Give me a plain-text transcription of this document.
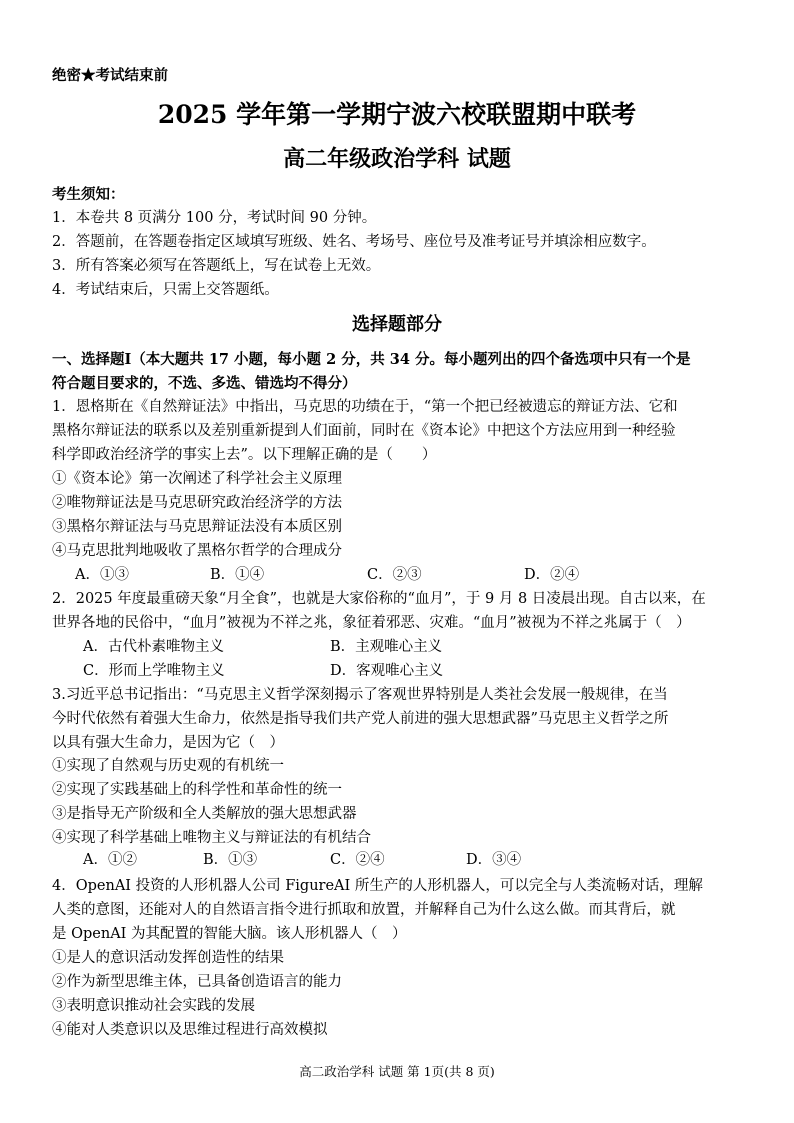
绝密★考试结束前
2025 学年第一学期宁波六校联盟期中联考
高二年级政治学科 试题
考生须知：
1．本卷共 8 页满分 100 分，考试时间 90 分钟。
2．答题前，在答题卷指定区域填写班级、姓名、考场号、座位号及准考证号并填涂相应数字。
3．所有答案必须写在答题纸上，写在试卷上无效。
4．考试结束后，只需上交答题纸。
选择题部分
一、选择题Ⅰ（本大题共 17 小题，每小题 2 分，共 34 分。每小题列出的四个备选项中只有一个是
符合题目要求的，不选、多选、错选均不得分）
1．恩格斯在《自然辩证法》中指出，马克思的功绩在于，“第一个把已经被遗忘的辩证方法、它和
黑格尔辩证法的联系以及差别重新提到人们面前，同时在《资本论》中把这个方法应用到一种经验
科学即政治经济学的事实上去”。以下理解正确的是（　　）
①《资本论》第一次阐述了科学社会主义原理
②唯物辩证法是马克思研究政治经济学的方法
③黑格尔辩证法与马克思辩证法没有本质区别
④马克思批判地吸收了黑格尔哲学的合理成分
A．①③	B．①④	C．②③	D．②④
2．2025 年度最重磅天象“月全食”，也就是大家俗称的“血月”，于 9 月 8 日凌晨出现。自古以来，在
世界各地的民俗中，“血月”被视为不祥之兆，象征着邪恶、灾难。“血月”被视为不祥之兆属于（　）
A．古代朴素唯物主义	B．主观唯心主义
C．形而上学唯物主义	D．客观唯心主义
3.习近平总书记指出：“马克思主义哲学深刻揭示了客观世界特别是人类社会发展一般规律，在当
今时代依然有着强大生命力，依然是指导我们共产党人前进的强大思想武器”马克思主义哲学之所
以具有强大生命力，是因为它（　）
①实现了自然观与历史观的有机统一
②实现了实践基础上的科学性和革命性的统一
③是指导无产阶级和全人类解放的强大思想武器
④实现了科学基础上唯物主义与辩证法的有机结合
A．①②	B．①③	C．②④	D．③④
4．OpenAI 投资的人形机器人公司 FigureAI 所生产的人形机器人，可以完全与人类流畅对话，理解
人类的意图，还能对人的自然语言指令进行抓取和放置，并解释自己为什么这么做。而其背后，就
是 OpenAI 为其配置的智能大脑。该人形机器人（　）
①是人的意识活动发挥创造性的结果
②作为新型思维主体，已具备创造语言的能力
③表明意识推动社会实践的发展
④能对人类意识以及思维过程进行高效模拟
高二政治学科 试题 第 1页(共 8 页)
